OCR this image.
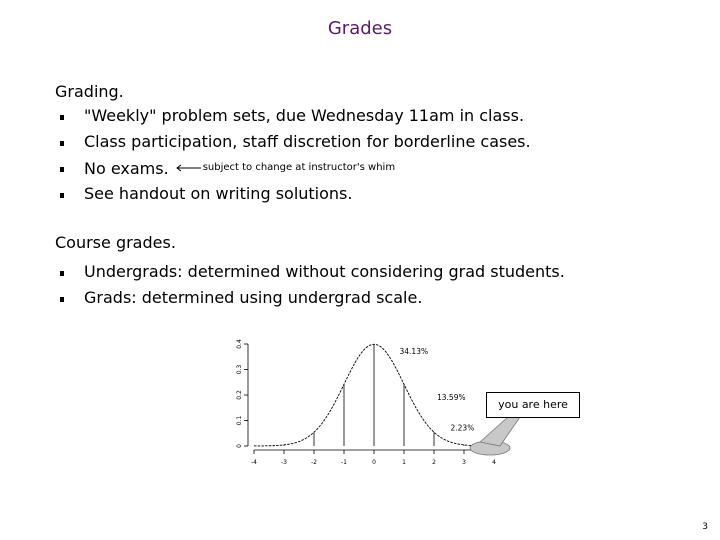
Grades
Grading.
"Weekly" problem sets, due Wednesday 11am in class.
Class participation, staff discretion for borderline cases.
No exams.	$^{subject to change at instructor's whim}$
See handout on writing solutions.
Course grades.
Undergrads: determined without considering grad students.
Grads: determined using undergrad scale.
-4	-3	-2	-1	0	1	2	3	4
0
0.1
0.2
0.3
0.4
34.13%
13.59%
2.23%
you are here
3
